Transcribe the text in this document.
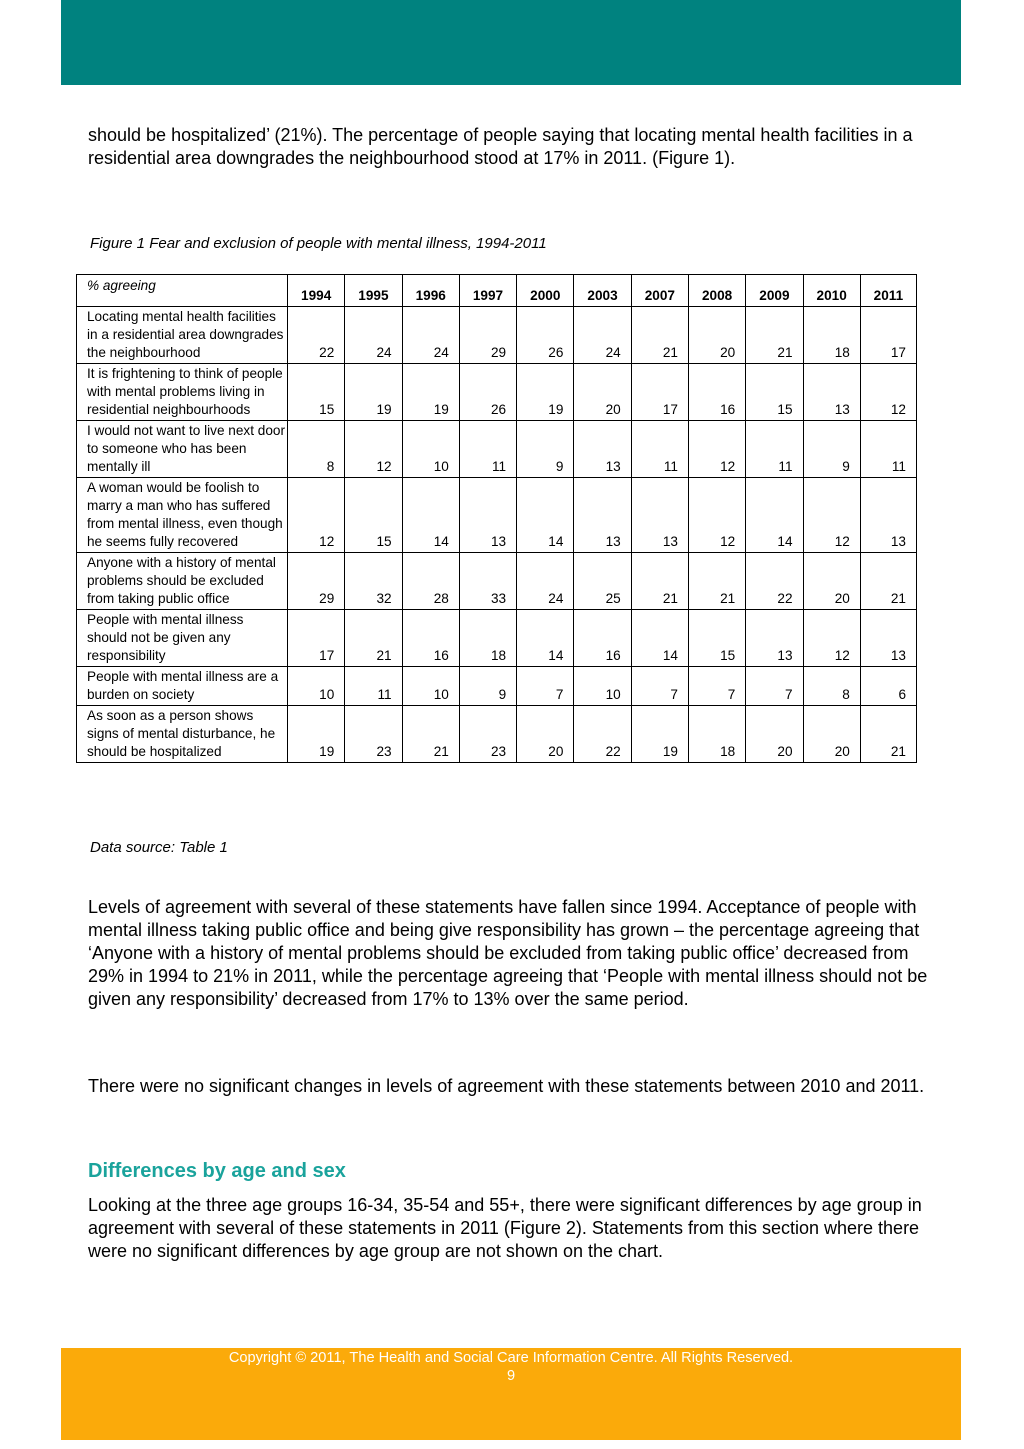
should be hospitalized’ (21%). The percentage of people saying that locating mental health facilities in a residential area downgrades the neighbourhood stood at 17% in 2011. (Figure 1).

Figure 1 Fear and exclusion of people with mental illness, 1994-2011

% agreeing	1994	1995	1996	1997	2000	2003	2007	2008	2009	2010	2011
Locating mental health facilities in a residential area downgrades the neighbourhood	22	24	24	29	26	24	21	20	21	18	17
It is frightening to think of people with mental problems living in residential neighbourhoods	15	19	19	26	19	20	17	16	15	13	12
I would not want to live next door to someone who has been mentally ill	8	12	10	11	9	13	11	12	11	9	11
A woman would be foolish to marry a man who has suffered from mental illness, even though he seems fully recovered	12	15	14	13	14	13	13	12	14	12	13
Anyone with a history of mental problems should be excluded from taking public office	29	32	28	33	24	25	21	21	22	20	21
People with mental illness should not be given any responsibility	17	21	16	18	14	16	14	15	13	12	13
People with mental illness are a burden on society	10	11	10	9	7	10	7	7	7	8	6
As soon as a person shows signs of mental disturbance, he should be hospitalized	19	23	21	23	20	22	19	18	20	20	21

Data source: Table 1

Levels of agreement with several of these statements have fallen since 1994. Acceptance of people with mental illness taking public office and being give responsibility has grown – the percentage agreeing that ‘Anyone with a history of mental problems should be excluded from taking public office’ decreased from 29% in 1994 to 21% in 2011, while the percentage agreeing that ‘People with mental illness should not be given any responsibility’ decreased from 17% to 13% over the same period.

There were no significant changes in levels of agreement with these statements between 2010 and 2011.

Differences by age and sex

Looking at the three age groups 16-34, 35-54 and 55+, there were significant differences by age group in agreement with several of these statements in 2011 (Figure 2). Statements from this section where there were no significant differences by age group are not shown on the chart.

Copyright © 2011, The Health and Social Care Information Centre. All Rights Reserved.

9
